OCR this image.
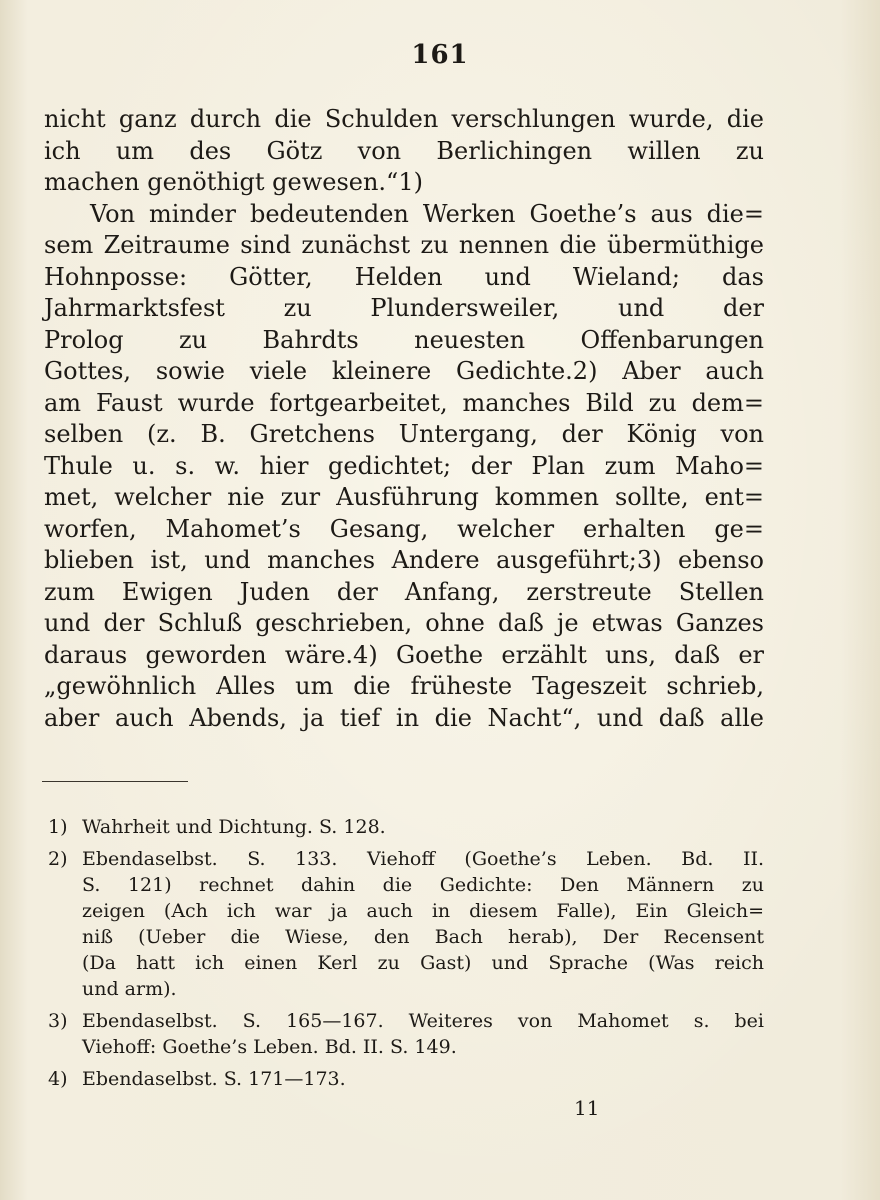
161
nicht ganz durch die Schulden verschlungen wurde, die
ich um des Götz von Berlichingen willen zu
machen genöthigt gewesen.“1)
Von minder bedeutenden Werken Goethe’s aus die=
sem Zeitraume sind zunächst zu nennen die übermüthige
Hohnposse: Götter, Helden und Wieland; das
Jahrmarktsfest zu Plundersweiler, und der
Prolog zu Bahrdts neuesten Offenbarungen
Gottes, sowie viele kleinere Gedichte.2) Aber auch
am Faust wurde fortgearbeitet, manches Bild zu dem=
selben (z. B. Gretchens Untergang, der König von
Thule u. s. w. hier gedichtet; der Plan zum Maho=
met, welcher nie zur Ausführung kommen sollte, ent=
worfen, Mahomet’s Gesang, welcher erhalten ge=
blieben ist, und manches Andere ausgeführt;3) ebenso
zum Ewigen Juden der Anfang, zerstreute Stellen
und der Schluß geschrieben, ohne daß je etwas Ganzes
daraus geworden wäre.4) Goethe erzählt uns, daß er
„gewöhnlich Alles um die früheste Tageszeit schrieb,
aber auch Abends, ja tief in die Nacht“, und daß alle
1) Wahrheit und Dichtung. S. 128.
2) Ebendaselbst. S. 133. Viehoff (Goethe’s Leben. Bd. II.
S. 121) rechnet dahin die Gedichte: Den Männern zu
zeigen (Ach ich war ja auch in diesem Falle), Ein Gleich=
niß (Ueber die Wiese, den Bach herab), Der Recensent
(Da hatt ich einen Kerl zu Gast) und Sprache (Was reich
und arm).
3) Ebendaselbst. S. 165—167. Weiteres von Mahomet s. bei
Viehoff: Goethe’s Leben. Bd. II. S. 149.
4) Ebendaselbst. S. 171—173.
11
